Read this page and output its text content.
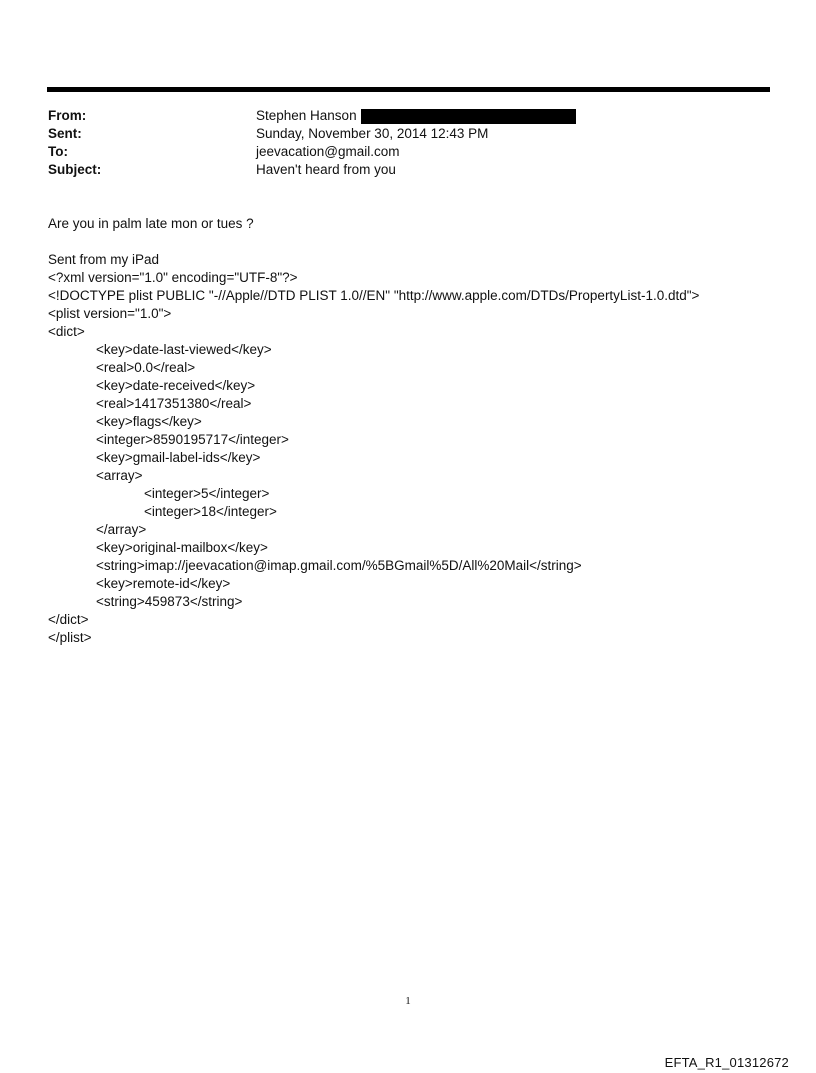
From:	Stephen Hanson
Sent:	Sunday, November 30, 2014 12:43 PM
To:	jeevacation@gmail.com
Subject:	Haven't heard from you
Are you in palm late mon or tues ?
Sent from my iPad
<?xml version="1.0" encoding="UTF-8"?>
<!DOCTYPE plist PUBLIC "-//Apple//DTD PLIST 1.0//EN" "http://www.apple.com/DTDs/PropertyList-1.0.dtd">
<plist version="1.0">
<dict>
<key>date-last-viewed</key>
<real>0.0</real>
<key>date-received</key>
<real>1417351380</real>
<key>flags</key>
<integer>8590195717</integer>
<key>gmail-label-ids</key>
<array>
<integer>5</integer>
<integer>18</integer>
</array>
<key>original-mailbox</key>
<string>imap://jeevacation@imap.gmail.com/%5BGmail%5D/All%20Mail</string>
<key>remote-id</key>
<string>459873</string>
</dict>
</plist>
1
EFTA_R1_01312672
